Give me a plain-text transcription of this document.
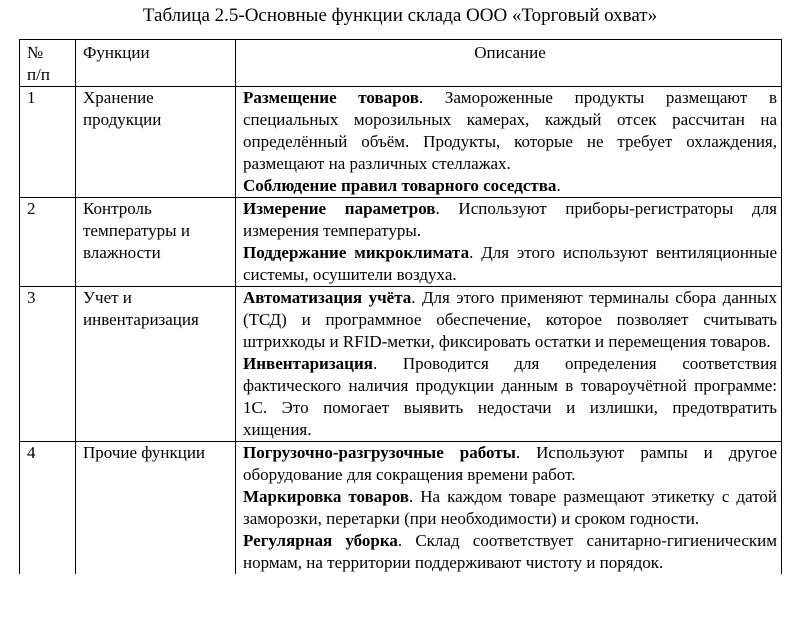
Таблица 2.5-Основные функции склада ООО «Торговый охват»
№
п/п	Функции	Описание
1	Хранение продукции	Размещение товаров. Замороженные продукты размещают в специальных морозильных камерах, каждый отсек рассчитан на определённый объём. Продукты, которые не требует охлаждения, размещают на различных стеллажах.
Соблюдение правил товарного соседства.

2	Контроль температуры и влажности	Измерение параметров. Используют приборы-регистраторы для измерения температуры.
Поддержание микроклимата. Для этого используют вентиляционные системы, осушители воздуха.

3	Учет и инвентаризация	Автоматизация учёта. Для этого применяют терминалы сбора данных (ТСД) и программное обеспечение, которое позволяет считывать штрихкоды и RFID-метки, фиксировать остатки и перемещения товаров.
Инвентаризация. Проводится для определения соответствия фактического наличия продукции данным в товароучётной программе: 1С. Это помогает выявить недостачи и излишки, предотвратить хищения.

4	Прочие функции	Погрузочно-разгрузочные работы. Используют рампы и другое оборудование для сокращения времени работ.
Маркировка товаров. На каждом товаре размещают этикетку с датой заморозки, перетарки (при необходимости) и сроком годности.
Регулярная уборка. Склад соответствует санитарно-гигиеническим нормам, на территории поддерживают чистоту и порядок.
